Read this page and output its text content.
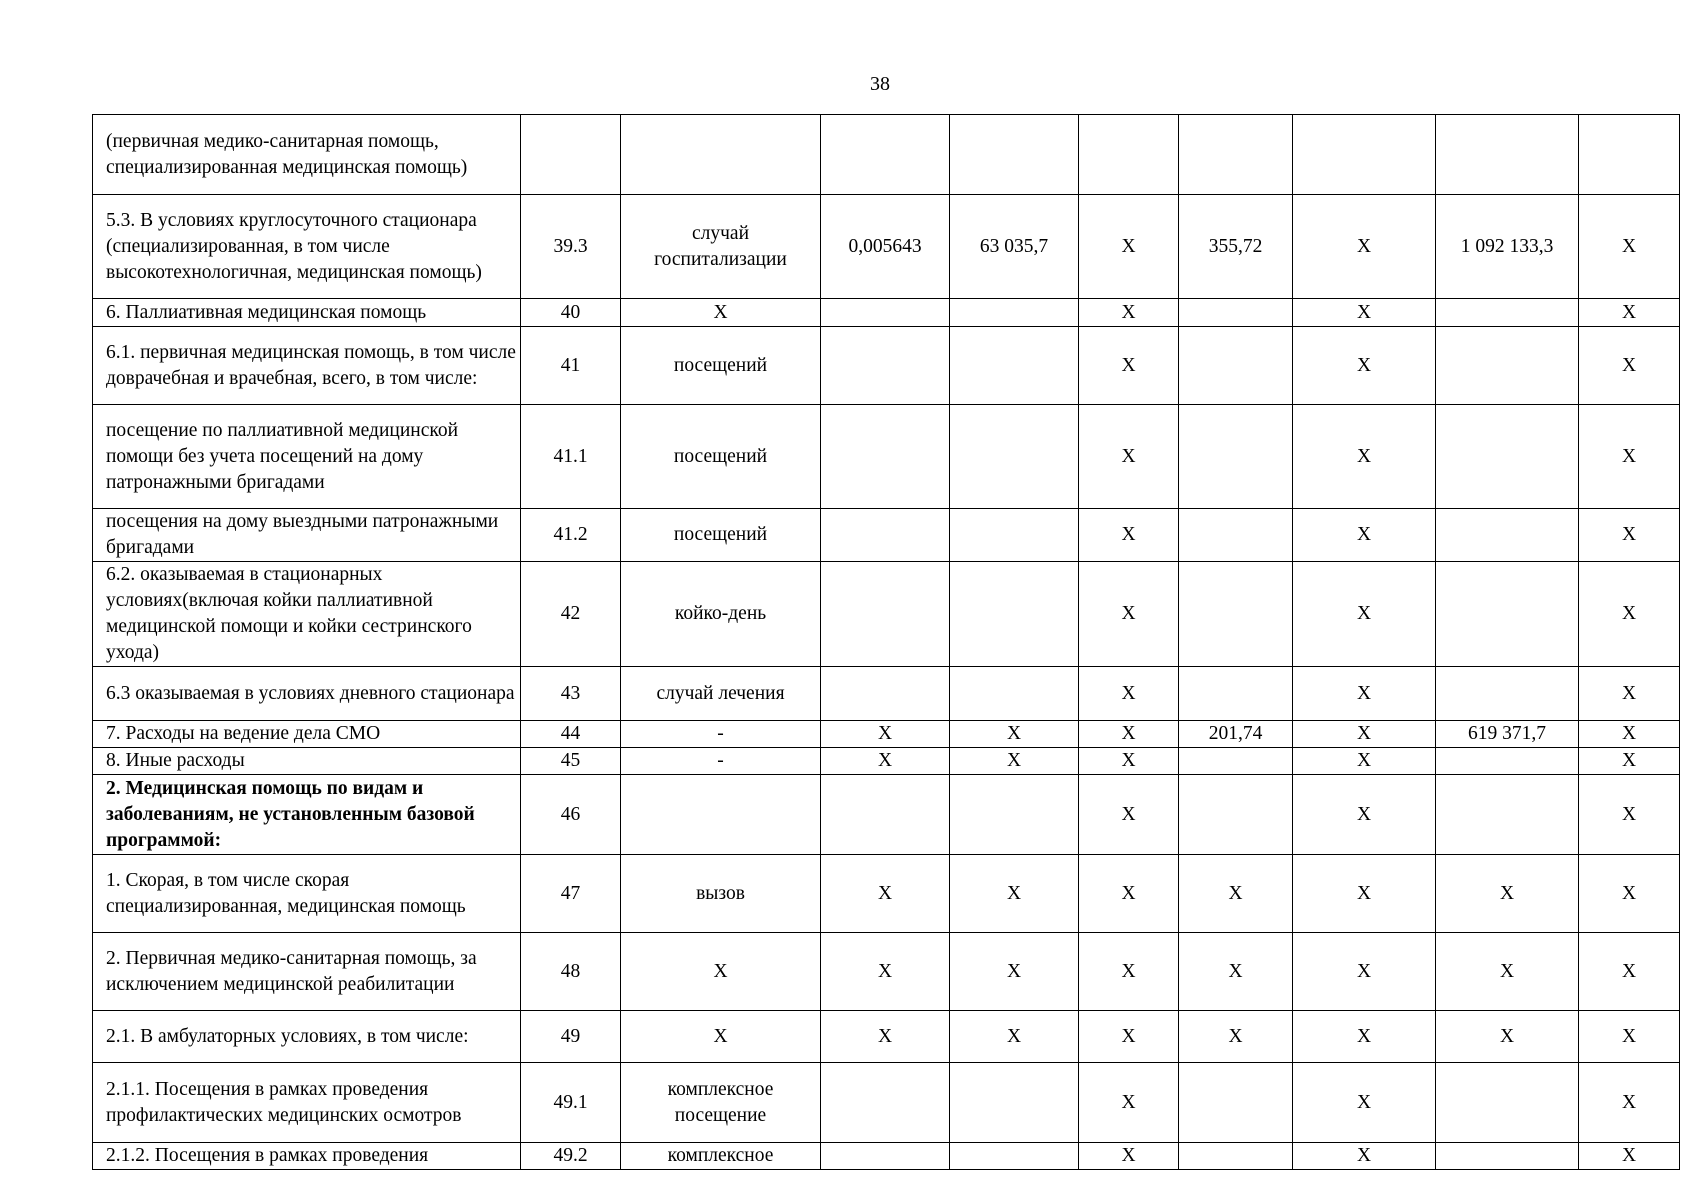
38
(первичная медико-санитарная помощь, специализированная медицинская помощь)									
5.3. В условиях круглосуточного стационара (специализированная, в том числе высокотехнологичная, медицинская помощь)	39.3	случай госпитализации	0,005643	63 035,7	Х	355,72	Х	1 092 133,3	Х
6. Паллиативная медицинская помощь	40	Х			Х		Х		Х
6.1. первичная медицинская помощь, в том числе доврачебная и врачебная, всего, в том числе:	41	посещений			Х		Х		Х
посещение по паллиативной медицинской помощи без учета посещений на дому патронажными бригадами	41.1	посещений			Х		Х		Х
посещения на дому выездными патронажными бригадами	41.2	посещений			Х		Х		Х
6.2. оказываемая в стационарных условиях(включая койки паллиативной медицинской помощи и койки сестринского ухода)	42	койко-день			Х		Х		Х
6.3 оказываемая в условиях дневного стационара	43	случай лечения			Х		Х		Х
7. Расходы на ведение дела СМО	44	-	Х	Х	Х	201,74	Х	619 371,7	Х
8. Иные расходы	45	-	Х	Х	Х		Х		Х
2. Медицинская помощь по видам и заболеваниям, не установленным базовой программой:	46				Х		Х		Х
1. Скорая, в том числе скорая специализированная, медицинская помощь	47	вызов	Х	Х	Х	Х	Х	Х	Х
2. Первичная медико-санитарная помощь, за исключением медицинской реабилитации	48	Х	Х	Х	Х	Х	Х	Х	Х
2.1. В амбулаторных условиях, в том числе:	49	Х	Х	Х	Х	Х	Х	Х	Х
2.1.1. Посещения в рамках проведения профилактических медицинских осмотров	49.1	комплексное посещение			Х		Х		Х
2.1.2. Посещения в рамках проведения	49.2	комплексное			Х		Х		Х
